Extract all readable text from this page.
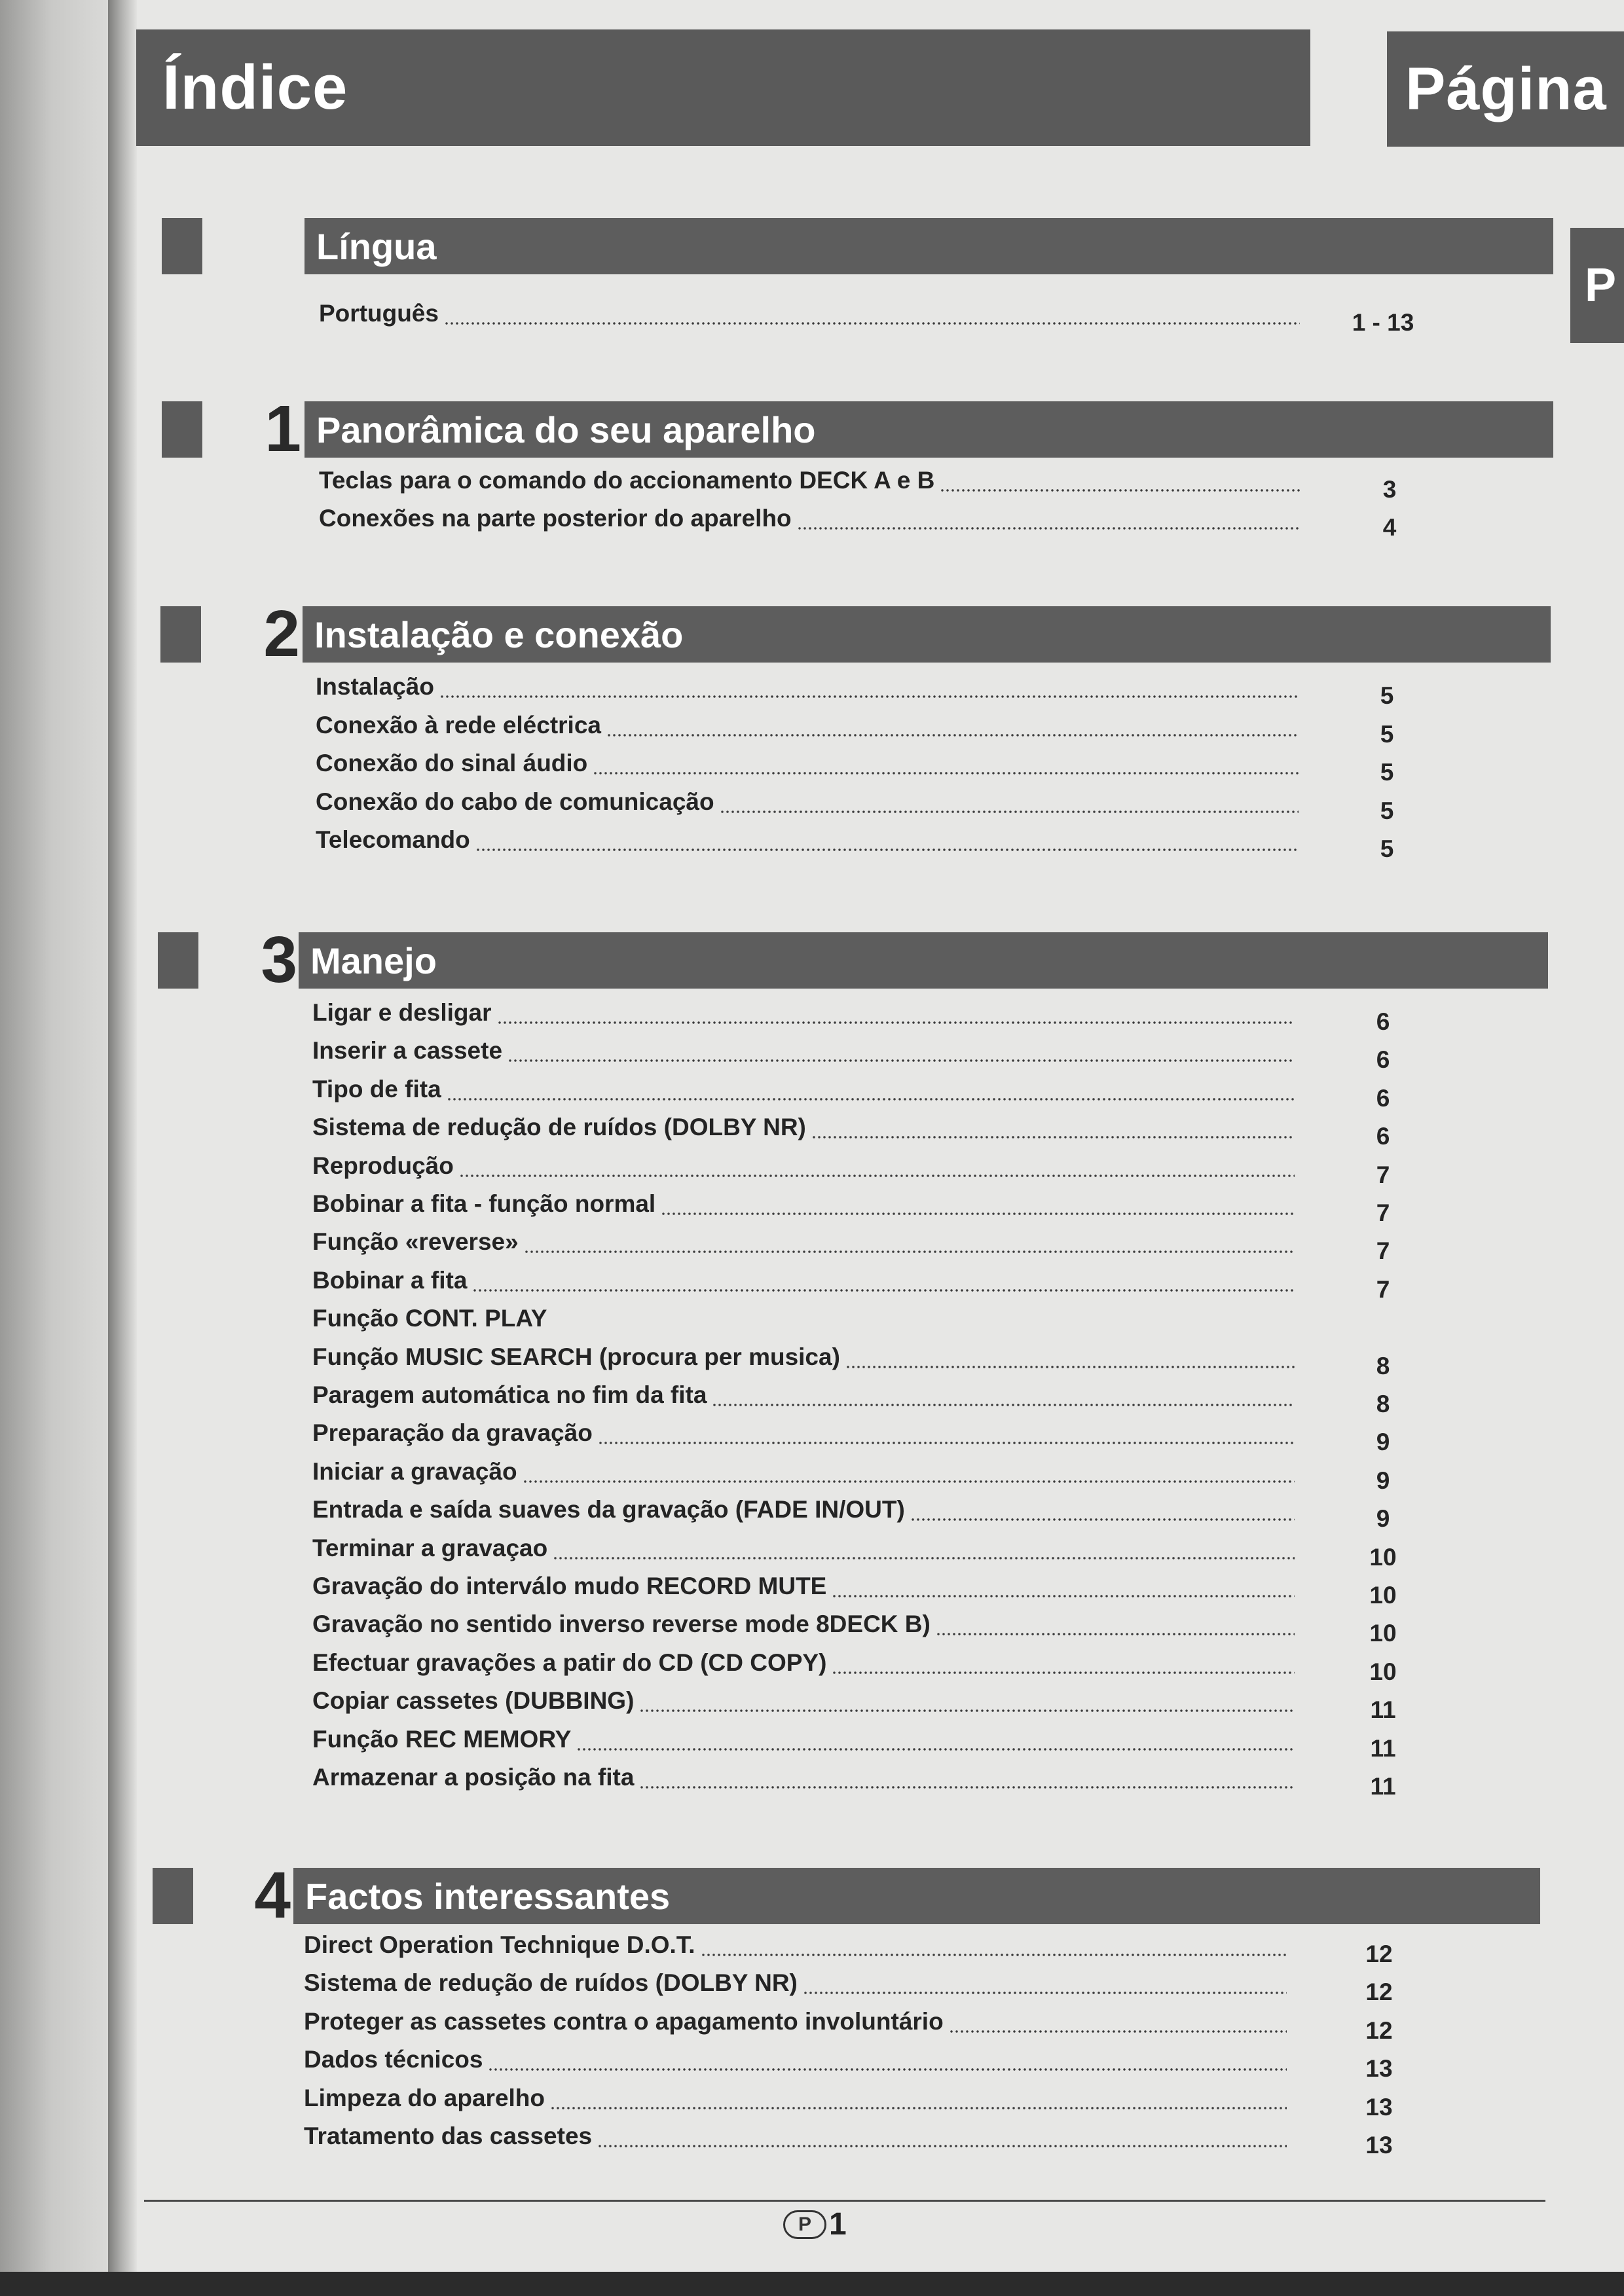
Índice	Página
P
Língua
Português	1 - 13
1 Panorâmica do seu aparelho
Teclas para o comando do accionamento DECK A e B	3
Conexões na parte posterior do aparelho	4
2 Instalação e conexão
Instalação	5
Conexão à rede eléctrica	5
Conexão do sinal áudio	5
Conexão do cabo de comunicação	5
Telecomando	5
3 Manejo
Ligar e desligar	6
Inserir a cassete	6
Tipo de fita	6
Sistema de redução de ruídos (DOLBY NR)	6
Reprodução	7
Bobinar a fita - função normal	7
Função «reverse»	7
Bobinar a fita	7
Função CONT. PLAY
Função MUSIC SEARCH (procura per musica)	8
Paragem automática no fim da fita	8
Preparação da gravação	9
Iniciar a gravação	9
Entrada e saída suaves da gravação (FADE IN/OUT)	9
Terminar a gravaçao	10
Gravação do interválo mudo RECORD MUTE	10
Gravação no sentido inverso reverse mode 8DECK B)	10
Efectuar gravações a patir do CD (CD COPY)	10
Copiar cassetes (DUBBING)	11
Função REC MEMORY	11
Armazenar a posição na fita	11
4 Factos interessantes
Direct Operation Technique D.O.T.	12
Sistema de redução de ruídos (DOLBY NR)	12
Proteger as cassetes contra o apagamento involuntário	12
Dados técnicos	13
Limpeza do aparelho	13
Tratamento das cassetes	13
P 1
